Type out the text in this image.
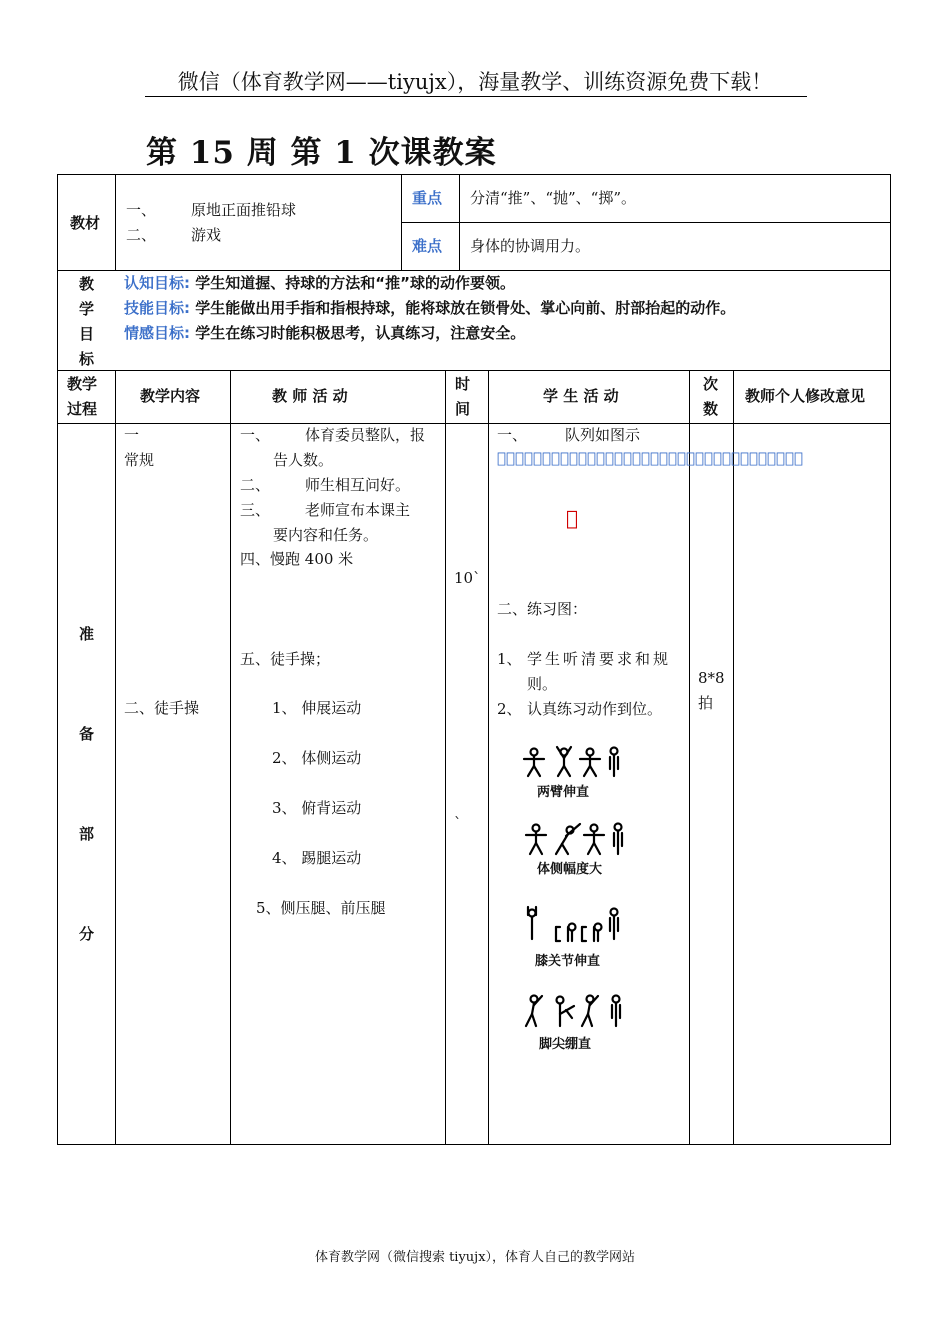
微信（体育教学网——tiyujx），海量教学、训练资源免费下载！
第 15 周 第 1 次课教案
教材
一、 原地正面推铅球
二、 游戏
重点 分清“推”、“抛”、“掷”。
难点 身体的协调用力。
教
学
目
标
认知目标: 学生知道握、持球的方法和“推”球的动作要领。
技能目标: 学生能做出用手指和指根持球，能将球放在锁骨处、掌心向前、肘部抬起的动作。
情感目标: 学生在练习时能积极思考，认真练习，注意安全。
教学
过程
教学内容	教 师 活 动
时
间
学 生 活 动
次
数
教师个人修改意见
准
备
部
分
一
常规
二、徒手操
一、 体育委员整队，报
告人数。
二、 师生相互问好。
三、 老师宣布本课主
要内容和任务。
四、慢跑 400 米
五、徒手操；
1、 伸展运动
2、 体侧运动
3、 俯背运动
4、 踢腿运动
5、侧压腿、前压腿
10`
`
一、	队列如图示
􀀀􀀀􀀀􀀀􀀀􀀀􀀀􀀀􀀀􀀀􀀀􀀀􀀀􀀀􀀀􀀀􀀀􀀀􀀀􀀀􀀀􀀀􀀀􀀀􀀀􀀀􀀀􀀀􀀀􀀀􀀀􀀀􀀀􀀀
􀀀
二、练习图：
1、 学生听清要求和规
则。
2、 认真练习动作到位。
两臂伸直
体侧幅度大
膝关节伸直
脚尖绷直
8*8
拍
体育教学网（微信搜索 tiyujx），体育人自己的教学网站
